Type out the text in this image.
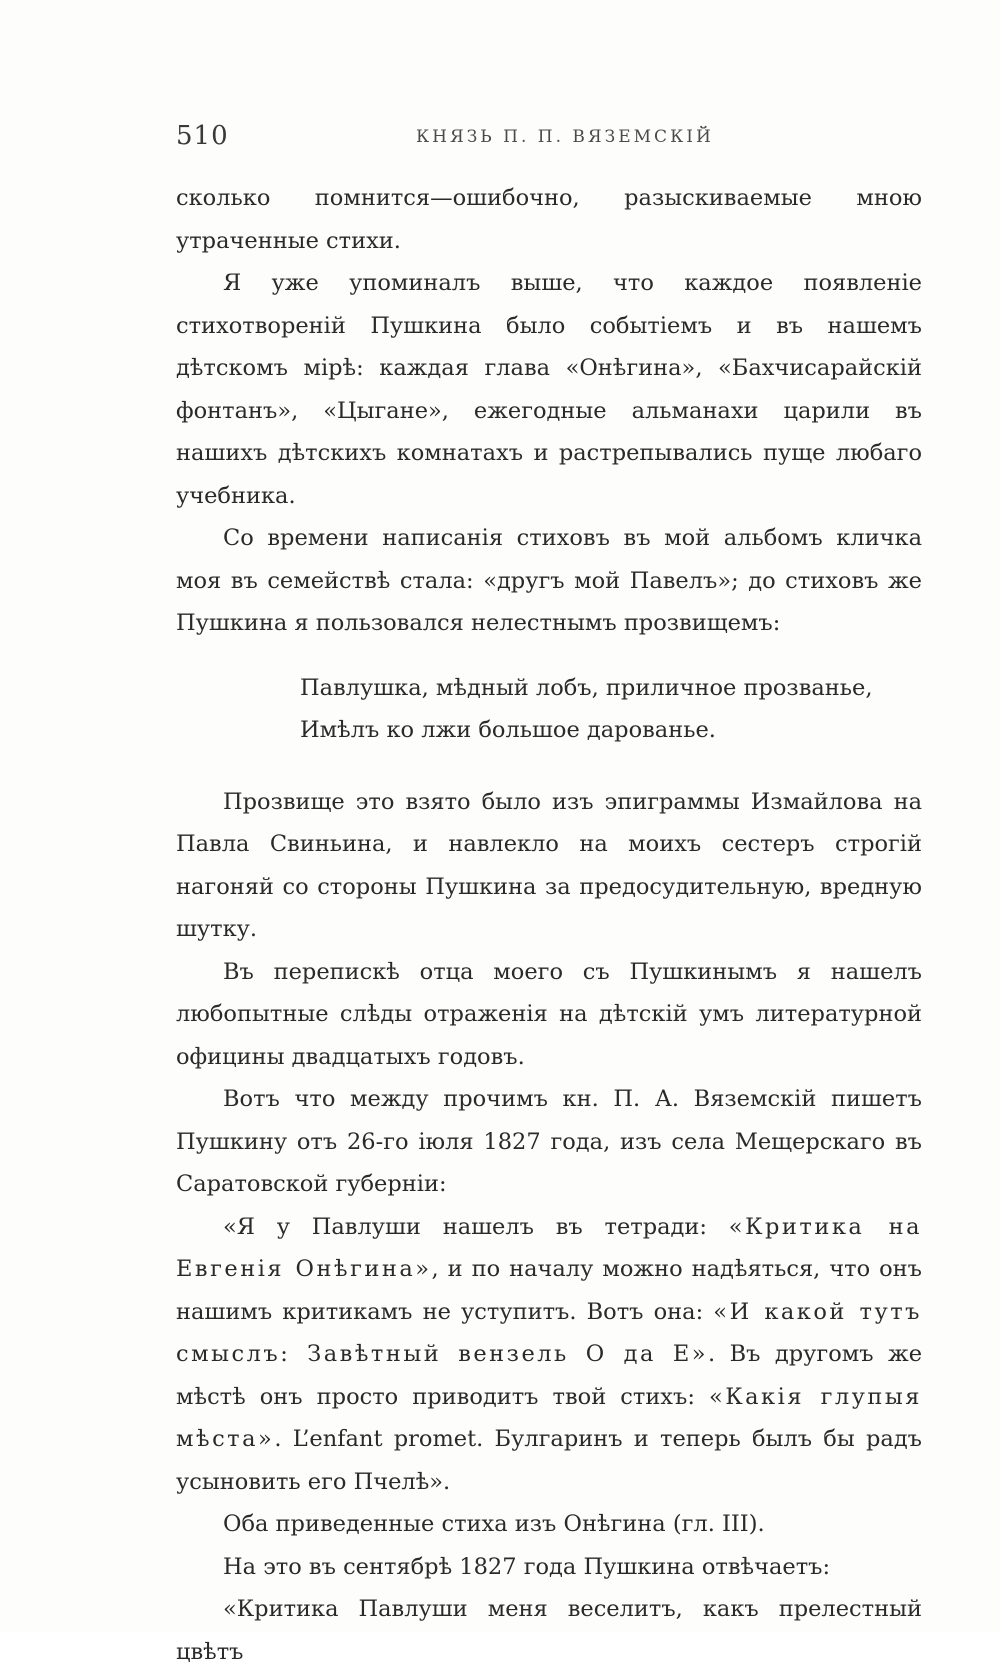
510	КНЯЗЬ П. П. ВЯЗЕМСКІЙ

сколько помнится—ошибочно, разыскиваемые мною утраченные стихи.

Я уже упоминалъ выше, что каждое появленіе стихотвореній Пушкина было событіемъ и въ нашемъ дѣтскомъ мірѣ: каждая глава «Онѣгина», «Бахчисарайскій фонтанъ», «Цыгане», ежегодные альманахи царили въ нашихъ дѣтскихъ комнатахъ и растрепывались пуще любаго учебника.

Со времени написанія стиховъ въ мой альбомъ кличка моя въ семействѣ стала: «другъ мой Павелъ»; до стиховъ же Пушкина я пользовался нелестнымъ прозвищемъ:

Павлушка, мѣдный лобъ, приличное прозванье,
Имѣлъ ко лжи большое дарованье.

Прозвище это взято было изъ эпиграммы Измайлова на Павла Свиньина, и навлекло на моихъ сестеръ строгій нагоняй со стороны Пушкина за предосудительную, вредную шутку.

Въ перепискѣ отца моего съ Пушкинымъ я нашелъ любопытные слѣды отраженія на дѣтскій умъ литературной официны двадцатыхъ годовъ.

Вотъ что между прочимъ кн. П. А. Вяземскій пишетъ Пушкину отъ 26-го іюля 1827 года, изъ села Мещерскаго въ Саратовской губерніи:

«Я у Павлуши нашелъ въ тетради: «Критика на Евгенія Онѣгина», и по началу можно надѣяться, что онъ нашимъ критикамъ не уступитъ. Вотъ она: «И какой тутъ смыслъ: Завѣтный вензель О да Е». Въ другомъ же мѣстѣ онъ просто приводитъ твой стихъ: «Какія глупыя мѣста». L’enfant promet. Булгаринъ и теперь былъ бы радъ усыновить его Пчелѣ».

Оба приведенные стиха изъ Онѣгина (гл. III).

На это въ сентябрѣ 1827 года Пушкина отвѣчаетъ:

«Критика Павлуши меня веселитъ, какъ прелестный цвѣтъ
